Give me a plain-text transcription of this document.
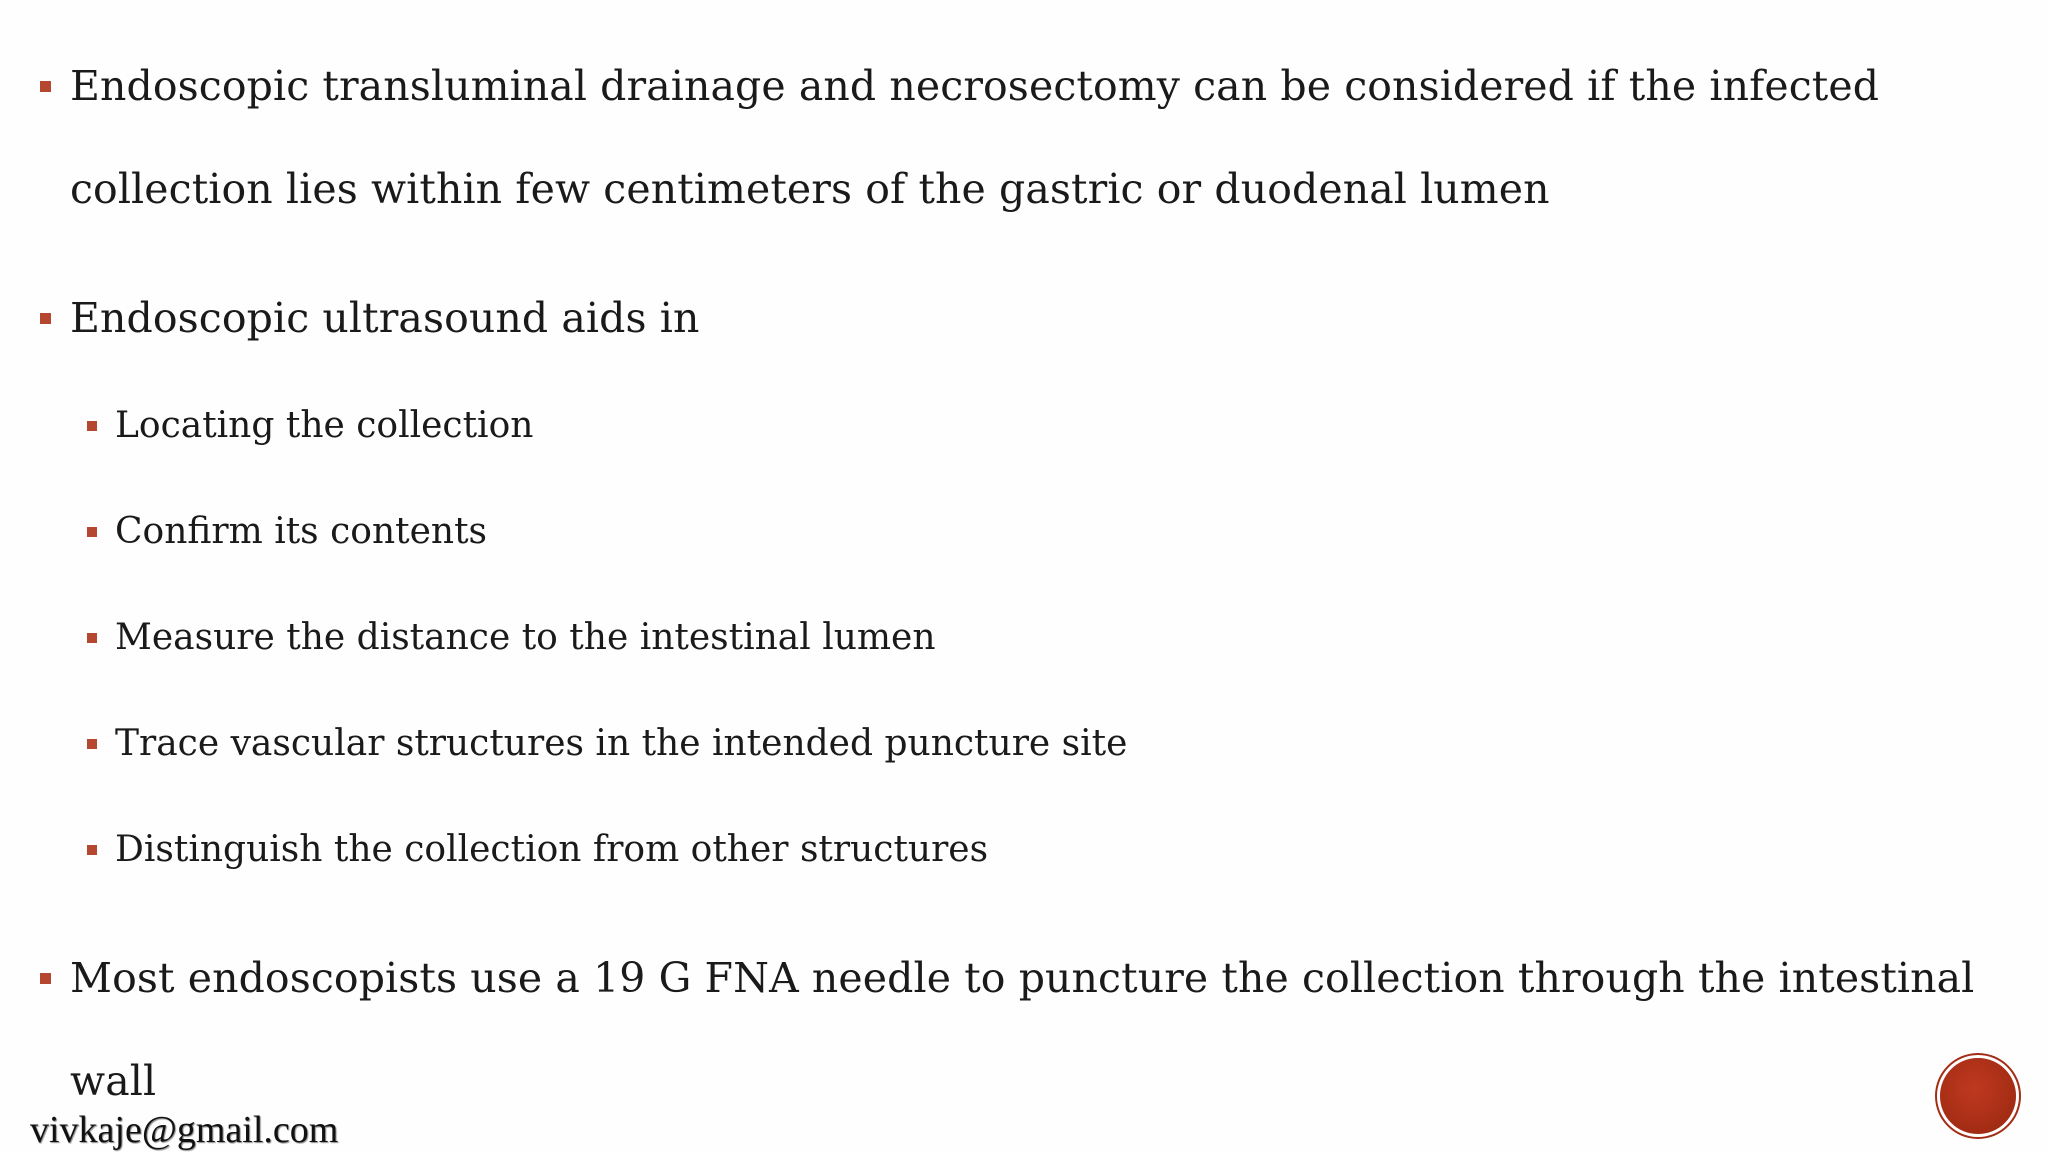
Endoscopic transluminal drainage and necrosectomy can be considered if the infected collection lies within few centimeters of the gastric or duodenal lumen
Endoscopic ultrasound aids in
Locating the collection
Confirm its contents
Measure the distance to the intestinal lumen
Trace vascular structures in the intended puncture site
Distinguish the collection from other structures
Most endoscopists use a 19 G FNA needle to puncture the collection through the intestinal wall
vivkaje@gmail.com
